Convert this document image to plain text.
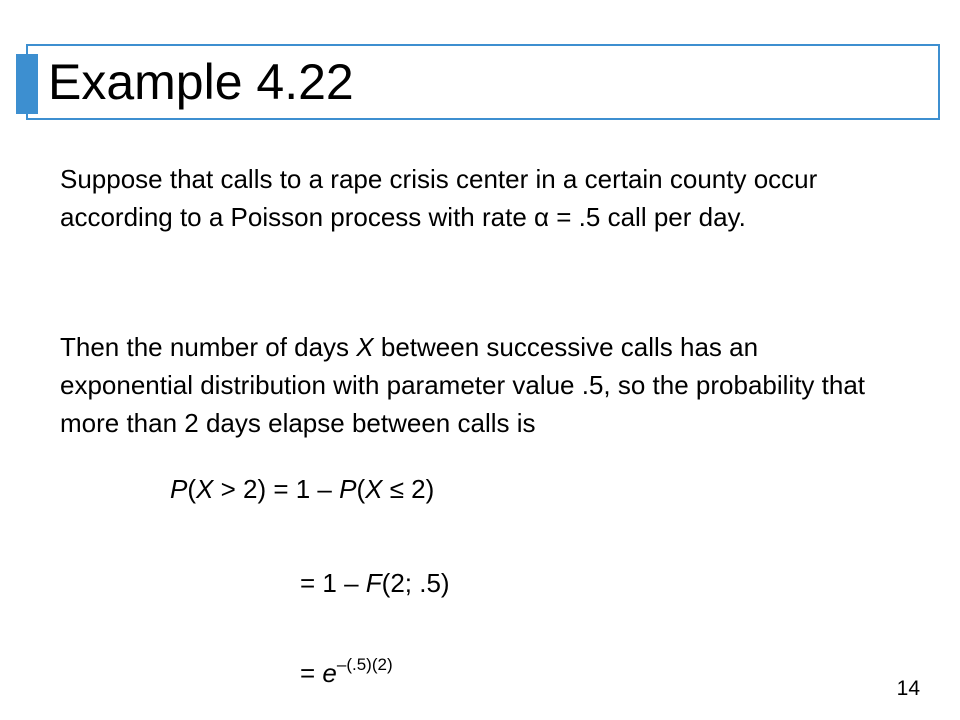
Example 4.22
Suppose that calls to a rape crisis center in a certain county occur according to a Poisson process with rate α = .5 call per day.
Then the number of days X between successive calls has an exponential distribution with parameter value .5, so the probability that more than 2 days elapse between calls is
P(X > 2) = 1 – P(X ≤ 2)
= 1 – F(2; .5)
= $e^{-(.5)(2)}$
14
